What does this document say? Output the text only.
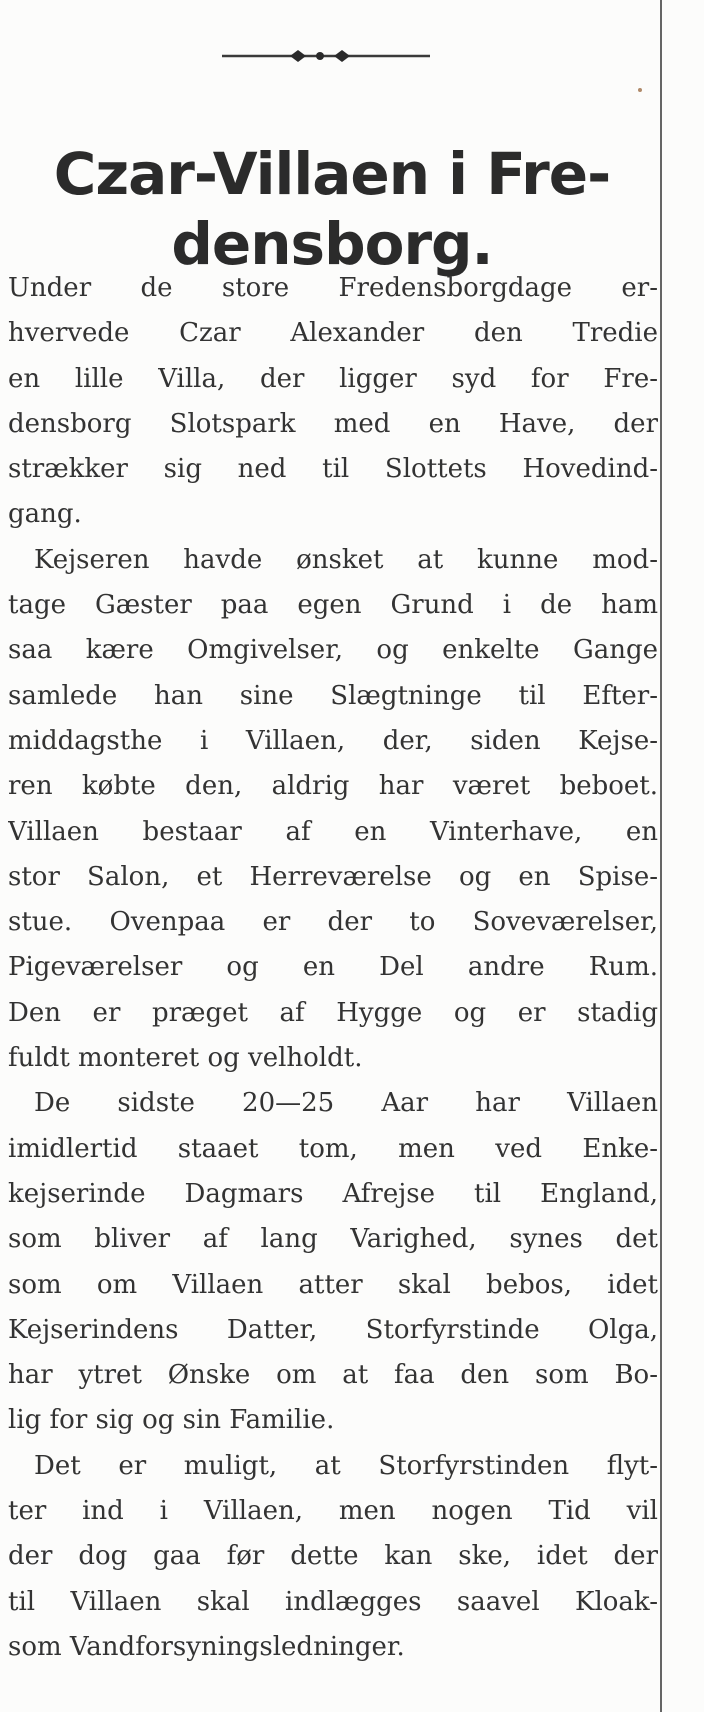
Czar-Villaen i Fre-
densborg.
Under de store Fredensborgdage er-
hvervede Czar Alexander den Tredie
en lille Villa, der ligger syd for Fre-
densborg Slotspark med en Have, der
strækker sig ned til Slottets Hovedind-
gang.
Kejseren havde ønsket at kunne mod-
tage Gæster paa egen Grund i de ham
saa kære Omgivelser, og enkelte Gange
samlede han sine Slægtninge til Efter-
middagsthe i Villaen, der, siden Kejse-
ren købte den, aldrig har været beboet.
Villaen bestaar af en Vinterhave, en
stor Salon, et Herreværelse og en Spise-
stue. Ovenpaa er der to Soveværelser,
Pigeværelser og en Del andre Rum.
Den er præget af Hygge og er stadig
fuldt monteret og velholdt.
De sidste 20—25 Aar har Villaen
imidlertid staaet tom, men ved Enke-
kejserinde Dagmars Afrejse til England,
som bliver af lang Varighed, synes det
som om Villaen atter skal bebos, idet
Kejserindens Datter, Storfyrstinde Olga,
har ytret Ønske om at faa den som Bo-
lig for sig og sin Familie.
Det er muligt, at Storfyrstinden flyt-
ter ind i Villaen, men nogen Tid vil
der dog gaa før dette kan ske, idet der
til Villaen skal indlægges saavel Kloak-
som Vandforsyningsledninger.
